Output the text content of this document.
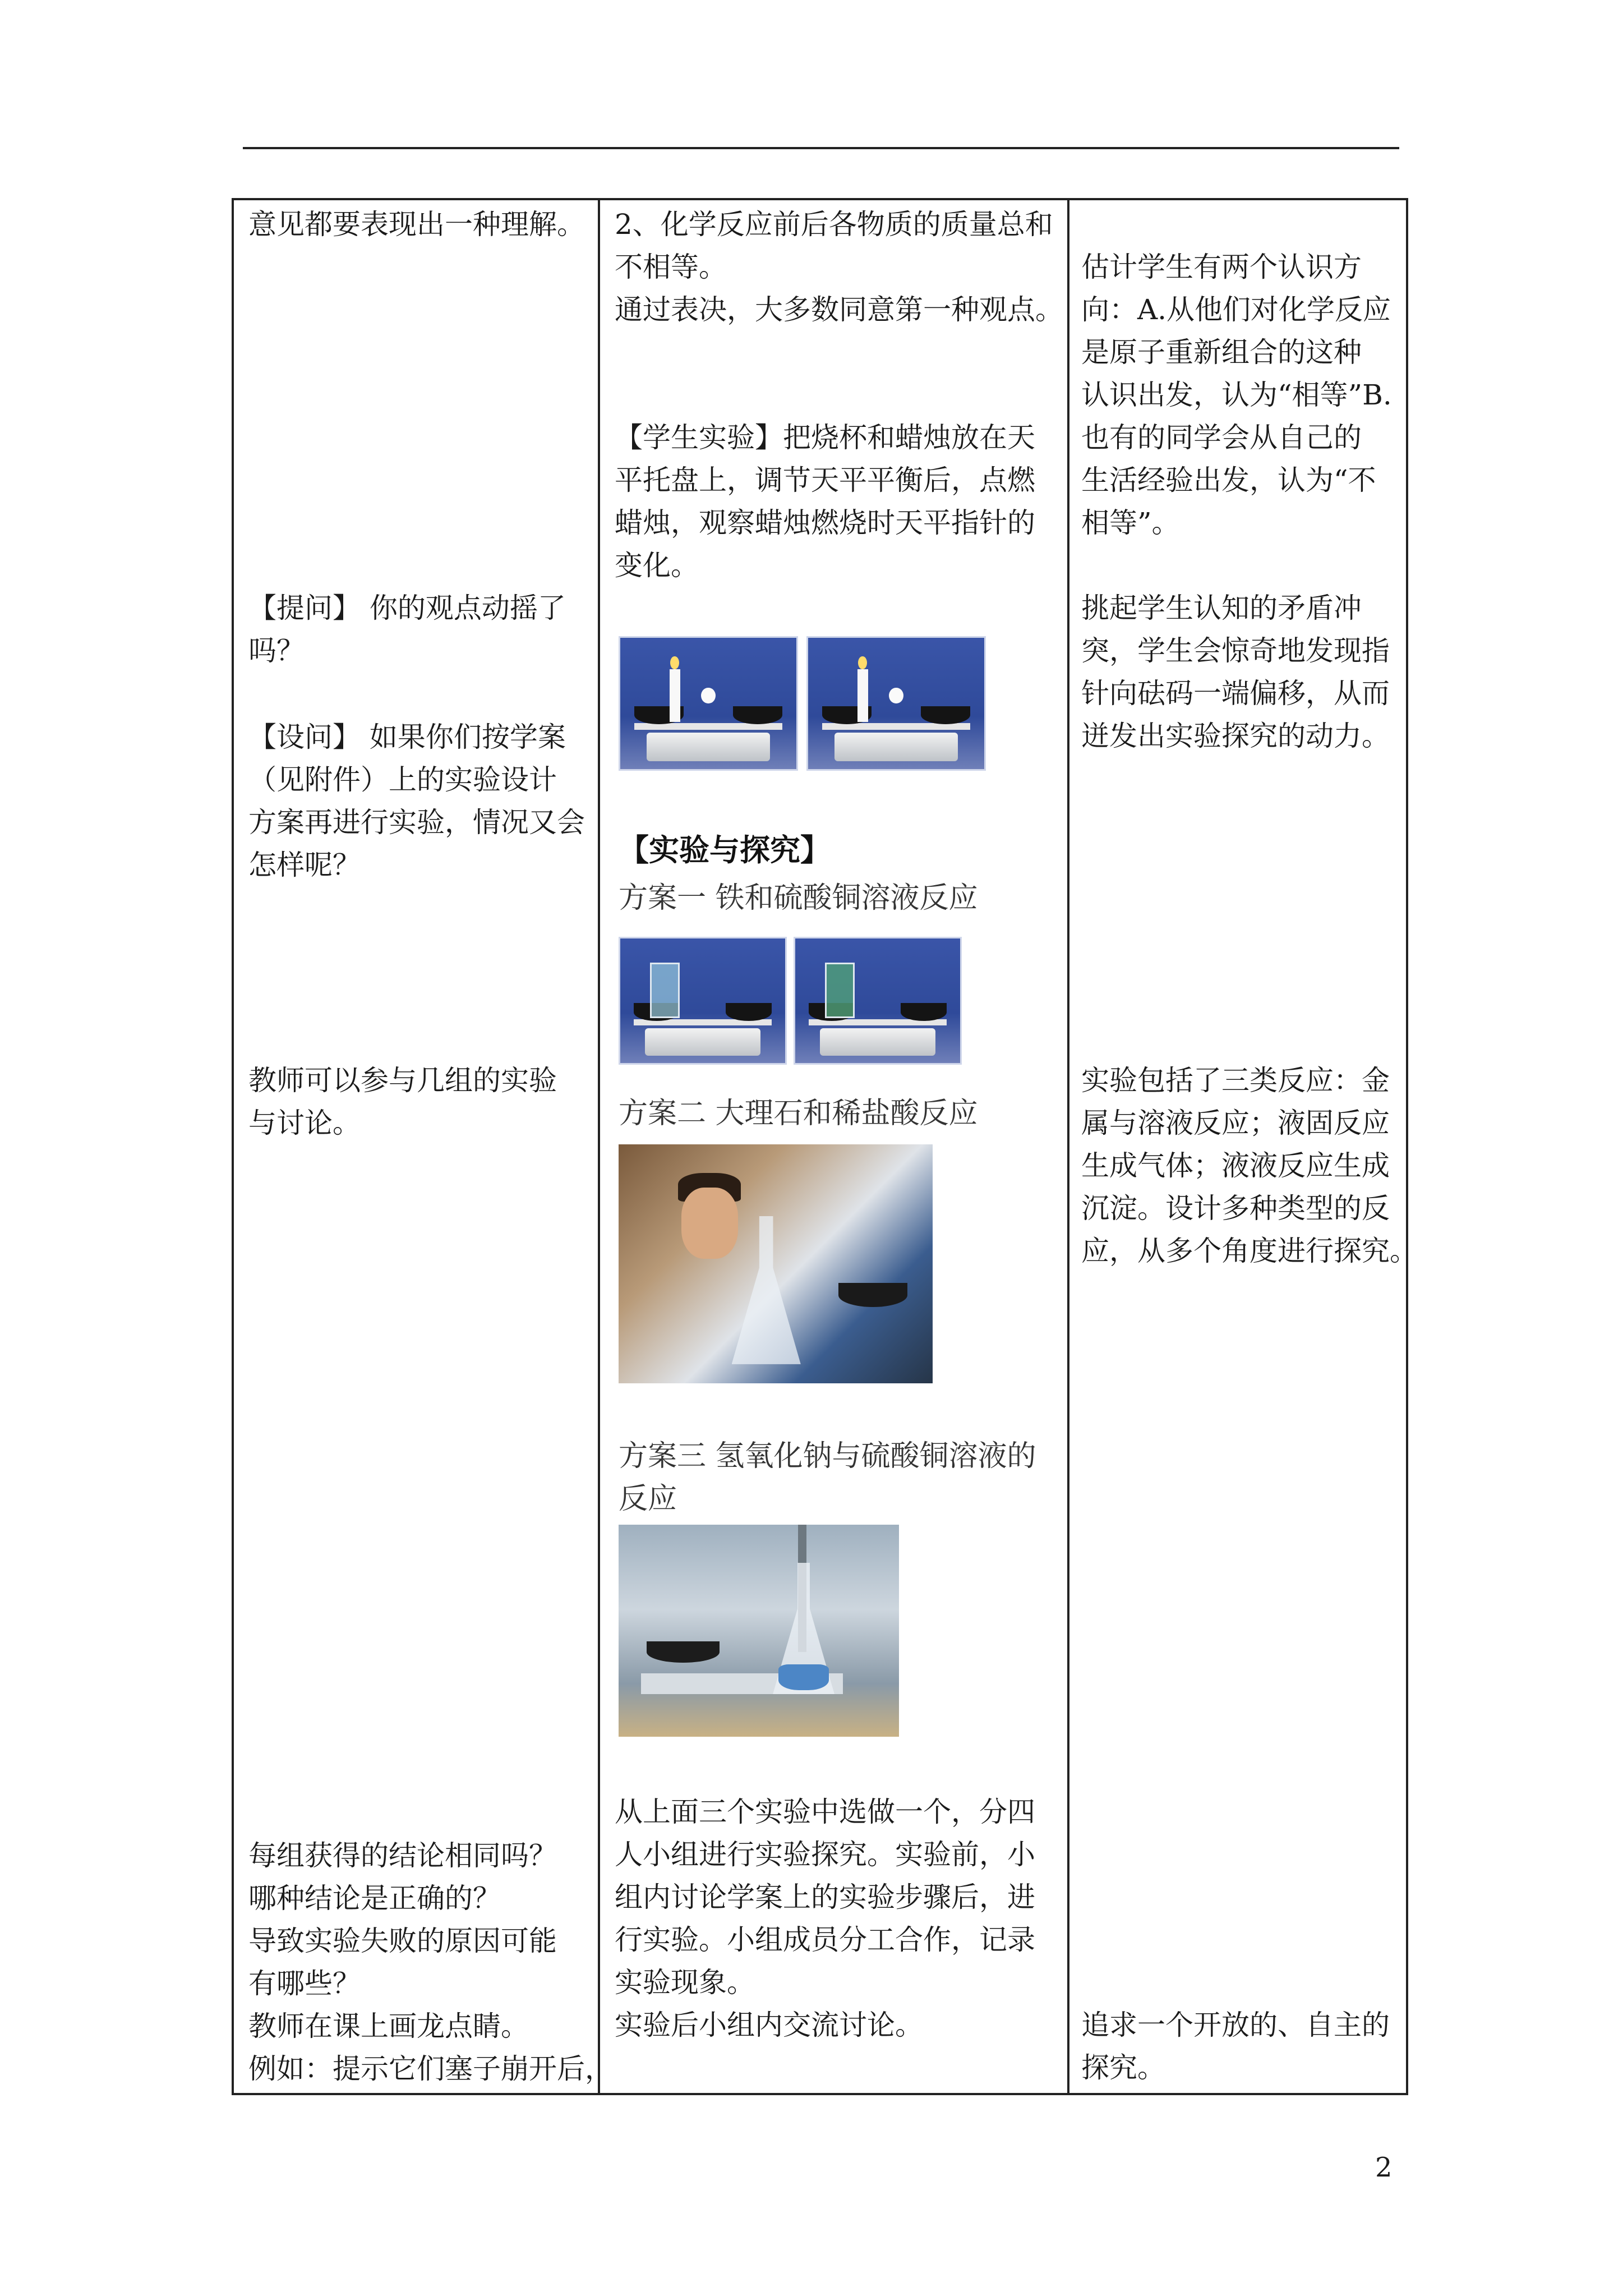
意见都要表现出一种理解。
【提问】 你的观点动摇了
吗？
【设问】 如果你们按学案
（见附件）上的实验设计
方案再进行实验，情况又会
怎样呢？
教师可以参与几组的实验
与讨论。
每组获得的结论相同吗？
哪种结论是正确的？
导致实验失败的原因可能
有哪些？
教师在课上画龙点睛。
例如：提示它们塞子崩开后，
2、化学反应前后各物质的质量总和
不相等。
通过表决，大多数同意第一种观点。
【学生实验】把烧杯和蜡烛放在天
平托盘上，调节天平平衡后，点燃
蜡烛，观察蜡烛燃烧时天平指针的
变化。
【实验与探究】
方案一 铁和硫酸铜溶液反应
方案二 大理石和稀盐酸反应
方案三 氢氧化钠与硫酸铜溶液的
反应
从上面三个实验中选做一个，分四
人小组进行实验探究。实验前，小
组内讨论学案上的实验步骤后，进
行实验。小组成员分工合作，记录
实验现象。
实验后小组内交流讨论。
估计学生有两个认识方
向：A.从他们对化学反应
是原子重新组合的这种
认识出发，认为“相等”B.
也有的同学会从自己的
生活经验出发，认为“不
相等”。
挑起学生认知的矛盾冲
突，学生会惊奇地发现指
针向砝码一端偏移，从而
迸发出实验探究的动力。
实验包括了三类反应：金
属与溶液反应；液固反应
生成气体；液液反应生成
沉淀。设计多种类型的反
应，从多个角度进行探究。
追求一个开放的、自主的
探究。
2
